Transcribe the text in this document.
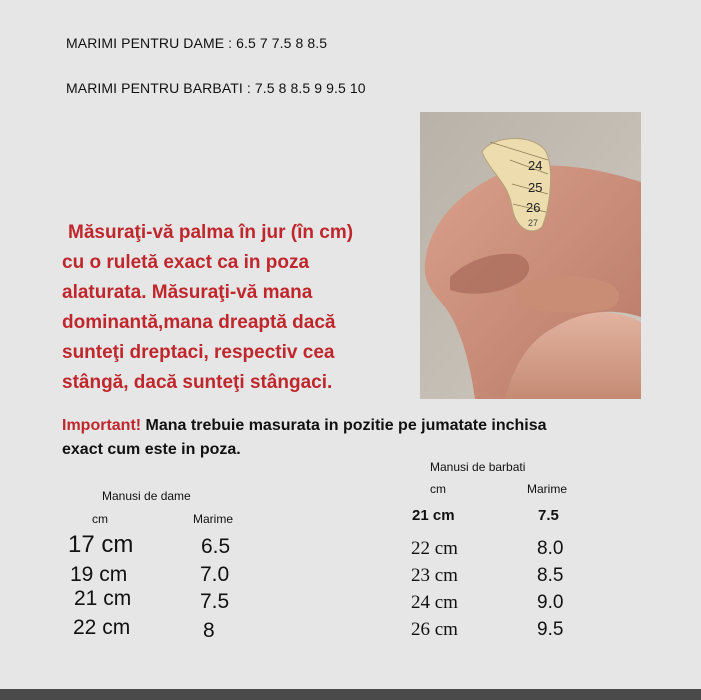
MARIMI PENTRU DAME : 6.5 7 7.5 8 8.5
MARIMI PENTRU BARBATI : 7.5 8 8.5 9 9.5 10
Măsuraţi-vă palma în jur (în cm)
cu o ruletă exact ca in poza
alaturata. Măsuraţi-vă mana
dominantă,mana dreaptă dacă
sunteţi dreptaci, respectiv cea
stângă, dacă sunteţi stângaci.
24
25
26
27
Important! Mana trebuie masurata in pozitie pe jumatate inchisa
exact cum este in poza.
Manusi de dame
cm	Marime
17 cm	6.5
19 cm	7.0
21 cm	7.5
22 cm	8
Manusi de barbati
cm	Marime
21 cm	7.5
22 cm	8.0
23 cm	8.5
24 cm	9.0
26 cm	9.5
